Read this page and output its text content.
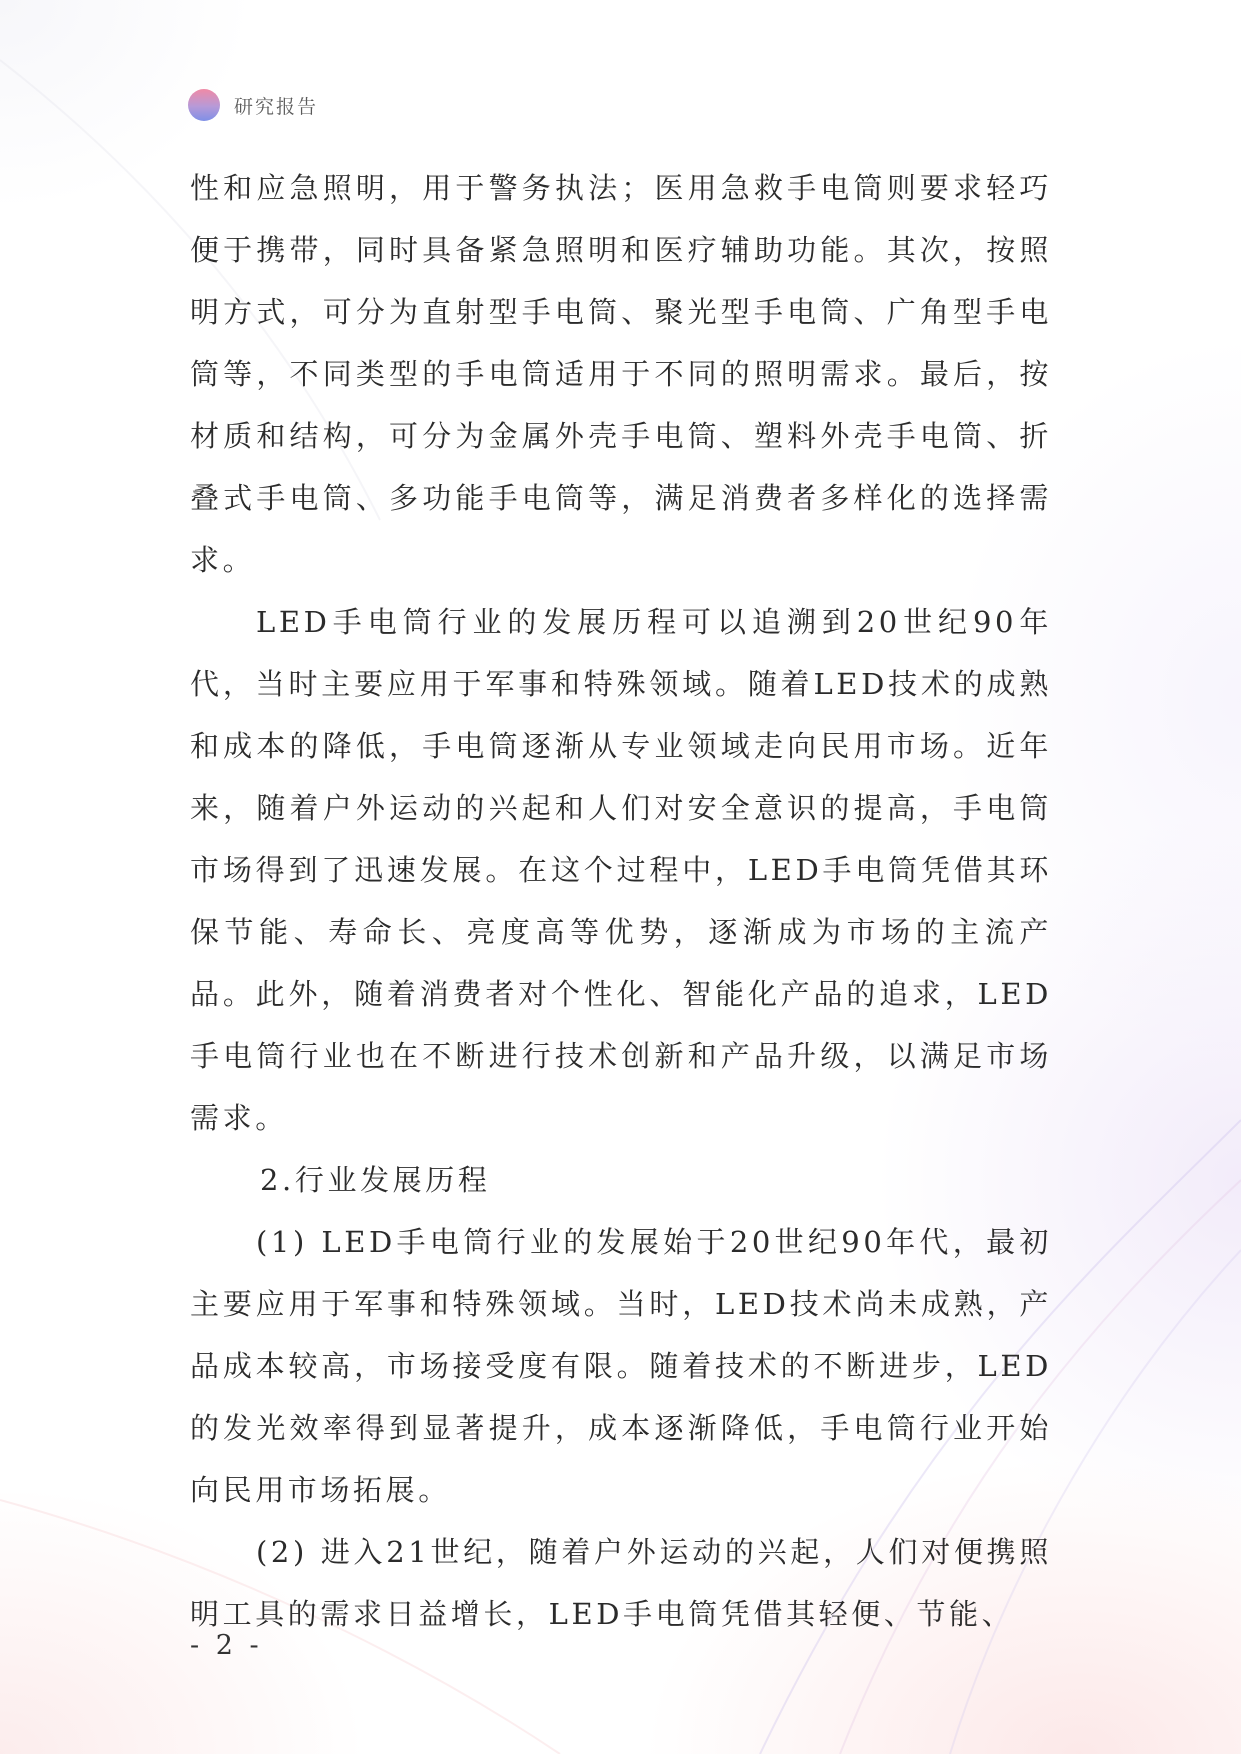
研究报告

性和应急照明，用于警务执法；医用急救手电筒则要求轻巧便于携带，同时具备紧急照明和医疗辅助功能。其次，按照明方式，可分为直射型手电筒、聚光型手电筒、广角型手电筒等，不同类型的手电筒适用于不同的照明需求。最后，按材质和结构，可分为金属外壳手电筒、塑料外壳手电筒、折叠式手电筒、多功能手电筒等，满足消费者多样化的选择需求。

LED手电筒行业的发展历程可以追溯到20世纪90年代，当时主要应用于军事和特殊领域。随着LED技术的成熟和成本的降低，手电筒逐渐从专业领域走向民用市场。近年来，随着户外运动的兴起和人们对安全意识的提高，手电筒市场得到了迅速发展。在这个过程中，LED手电筒凭借其环保节能、寿命长、亮度高等优势，逐渐成为市场的主流产品。此外，随着消费者对个性化、智能化产品的追求，LED手电筒行业也在不断进行技术创新和产品升级，以满足市场需求。

2.行业发展历程

(1) LED手电筒行业的发展始于20世纪90年代，最初主要应用于军事和特殊领域。当时，LED技术尚未成熟，产品成本较高，市场接受度有限。随着技术的不断进步，LED的发光效率得到显著提升，成本逐渐降低，手电筒行业开始向民用市场拓展。

(2) 进入21世纪，随着户外运动的兴起，人们对便携照明工具的需求日益增长，LED手电筒凭借其轻便、节能、

- 2 -
